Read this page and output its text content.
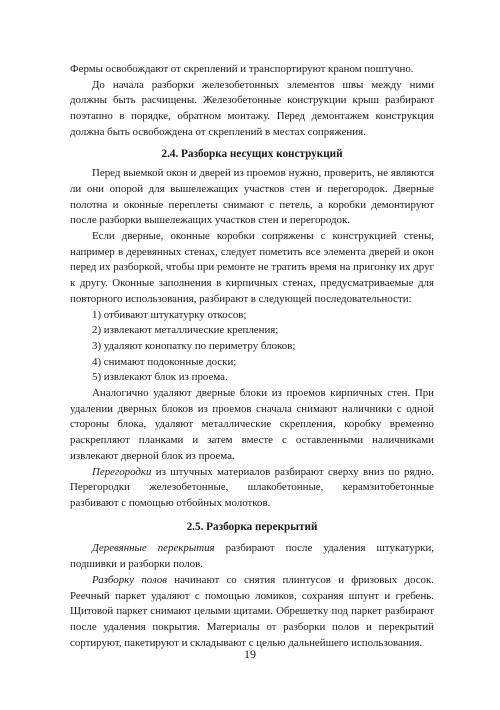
Фермы освобождают от скреплений и транспортируют краном поштучно.

До начала разборки железобетонных элементов швы между ними должны быть расчищены. Железобетонные конструкции крыш разбирают поэтапно в порядке, обратном монтажу. Перед демонтажем конструкция должна быть освобождена от скреплений в местах сопряжения.

2.4. Разборка несущих конструкций

Перед выемкой окон и дверей из проемов нужно, проверить, не являются ли они опорой для вышележащих участков стен и перегородок. Дверные полотна и оконные переплеты снимают с петель, а коробки демонтируют после разборки вышележащих участков стен и перегородок.

Если дверные, оконные коробки сопряжены с конструкцией стены, например в деревянных стенах, следует пометить все элемента дверей и окон перед их разборкой, чтобы при ремонте не тратить время на пригонку их друг к другу. Оконные заполнения в кирпичных стенах, предусматриваемые для повторного использования, разбирают в следующей последовательности:

1) отбивают штукатурку откосов;

2) извлекают металлические крепления;

3) удаляют конопатку по периметру блоков;

4) снимают подоконные доски;

5) извлекают блок из проема.

Аналогично удаляют дверные блоки из проемов кирпичных стен. При удалении дверных блоков из проемов сначала снимают наличники с одной стороны блока, удаляют металлические скрепления, коробку временно раскрепляют планками и затем вместе с оставленными наличниками извлекают дверной блок из проема.

Перегородки из штучных материалов разбирают сверху вниз по рядно. Перегородки железобетонные, шлакобетонные, керамзитобетонные разбивают с помощью отбойных молотков.

2.5. Разборка перекрытий

Деревянные перекрытия разбирают после удаления штукатурки, подшивки и разборки полов.

Разборку полов начинают со снятия плинтусов и фризовых досок. Реечный паркет удаляют с помощью ломиков, сохраняя шпунт и гребень. Щитовой паркет снимают целыми щитами. Обрешетку под паркет разбирают после удаления покрытия. Материалы от разборки полов и перекрытий сортируют, пакетируют и складывают с целью дальнейшего использования.

19
